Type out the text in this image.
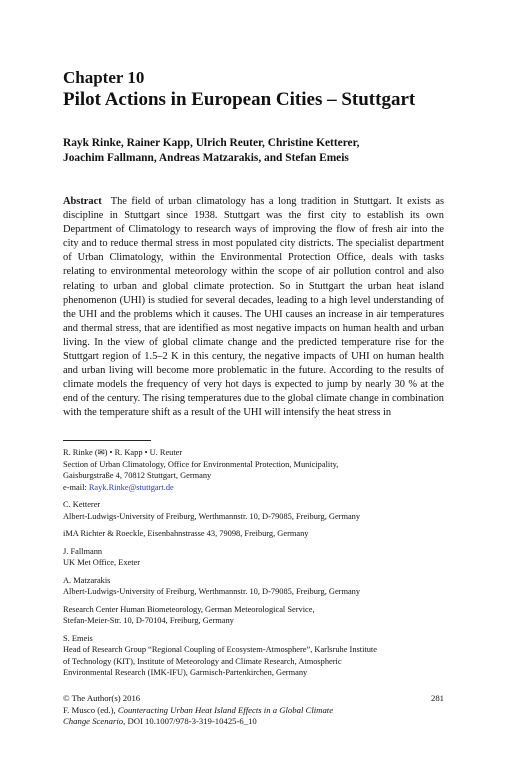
Chapter 10
Pilot Actions in European Cities – Stuttgart
Rayk Rinke, Rainer Kapp, Ulrich Reuter, Christine Ketterer,
Joachim Fallmann, Andreas Matzarakis, and Stefan Emeis

Abstract The field of urban climatology has a long tradition in Stuttgart. It exists as discipline in Stuttgart since 1938. Stuttgart was the first city to establish its own Department of Climatology to research ways of improving the flow of fresh air into the city and to reduce thermal stress in most populated city districts. The specialist department of Urban Climatology, within the Environmental Protection Office, deals with tasks relating to environmental meteorology within the scope of air pollution control and also relating to urban and global climate protection. So in Stuttgart the urban heat island phenomenon (UHI) is studied for several decades, leading to a high level understanding of the UHI and the problems which it causes. The UHI causes an increase in air temperatures and thermal stress, that are identified as most negative impacts on human health and urban living. In the view of global climate change and the predicted temperature rise for the Stuttgart region of 1.5–2 K in this century, the negative impacts of UHI on human health and urban living will become more problematic in the future. According to the results of climate models the frequency of very hot days is expected to jump by nearly 30 % at the end of the century. The rising temperatures due to the global climate change in combination with the temperature shift as a result of the UHI will intensify the heat stress in

R. Rinke (✉) • R. Kapp • U. Reuter
Section of Urban Climatology, Office for Environmental Protection, Municipality,
Gaisburgstraße 4, 70812 Stuttgart, Germany
e-mail: Rayk.Rinke@stuttgart.de
C. Ketterer
Albert-Ludwigs-University of Freiburg, Werthmannstr. 10, D-79085, Freiburg, Germany
iMA Richter & Roeckle, Eisenbahnstrasse 43, 79098, Freiburg, Germany
J. Fallmann
UK Met Office, Exeter
A. Matzarakis
Albert-Ludwigs-University of Freiburg, Werthmannstr. 10, D-79085, Freiburg, Germany
Research Center Human Biometeorology, German Meteorological Service,
Stefan-Meier-Str. 10, D-70104, Freiburg, Germany
S. Emeis
Head of Research Group “Regional Coupling of Ecosystem-Atmosphere”, Karlsruhe Institute
of Technology (KIT), Institute of Meteorology and Climate Research, Atmospheric
Environmental Research (IMK-IFU), Garmisch-Partenkirchen, Germany
© The Author(s) 2016	281
F. Musco (ed.), Counteracting Urban Heat Island Effects in a Global Climate
Change Scenario, DOI 10.1007/978-3-319-10425-6_10
